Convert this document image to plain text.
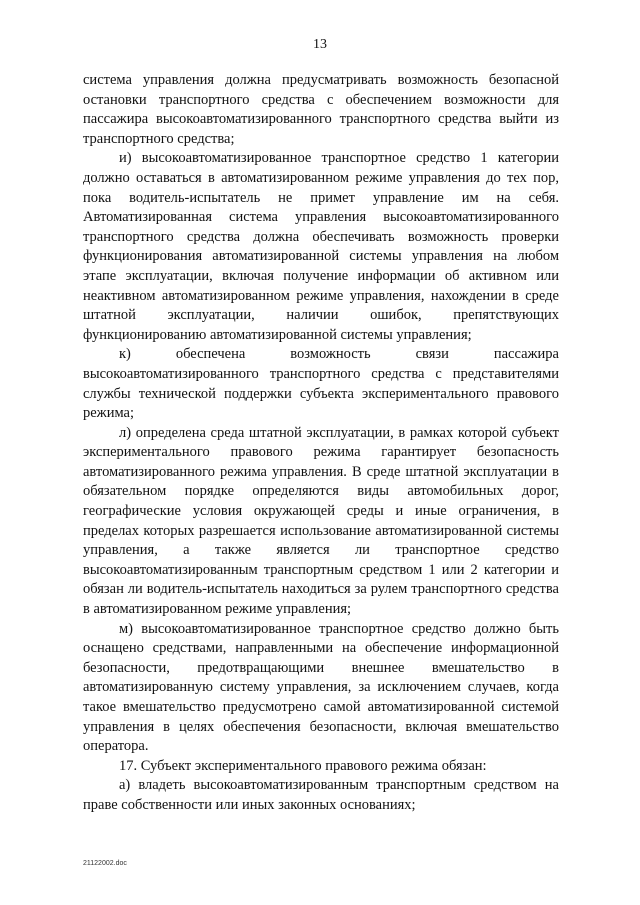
13

система управления должна предусматривать возможность безопасной остановки транспортного средства с обеспечением возможности для пассажира высокоавтоматизированного транспортного средства выйти из транспортного средства;

и) высокоавтоматизированное транспортное средство 1 категории должно оставаться в автоматизированном режиме управления до тех пор, пока водитель-испытатель не примет управление им на себя. Автоматизированная система управления высокоавтоматизированного транспортного средства должна обеспечивать возможность проверки функционирования автоматизированной системы управления на любом этапе эксплуатации, включая получение информации об активном или неактивном автоматизированном режиме управления, нахождении в среде штатной эксплуатации, наличии ошибок, препятствующих функционированию автоматизированной системы управления;

к) обеспечена возможность связи пассажира высокоавтоматизированного транспортного средства с представителями службы технической поддержки субъекта экспериментального правового режима;

л) определена среда штатной эксплуатации, в рамках которой субъект экспериментального правового режима гарантирует безопасность автоматизированного режима управления. В среде штатной эксплуатации в обязательном порядке определяются виды автомобильных дорог, географические условия окружающей среды и иные ограничения, в пределах которых разрешается использование автоматизированной системы управления, а также является ли транспортное средство высокоавтоматизированным транспортным средством 1 или 2 категории и обязан ли водитель-испытатель находиться за рулем транспортного средства в автоматизированном режиме управления;

м) высокоавтоматизированное транспортное средство должно быть оснащено средствами, направленными на обеспечение информационной безопасности, предотвращающими внешнее вмешательство в автоматизированную систему управления, за исключением случаев, когда такое вмешательство предусмотрено самой автоматизированной системой управления в целях обеспечения безопасности, включая вмешательство оператора.

17. Субъект экспериментального правового режима обязан:

а) владеть высокоавтоматизированным транспортным средством на праве собственности или иных законных основаниях;

21122002.doc
